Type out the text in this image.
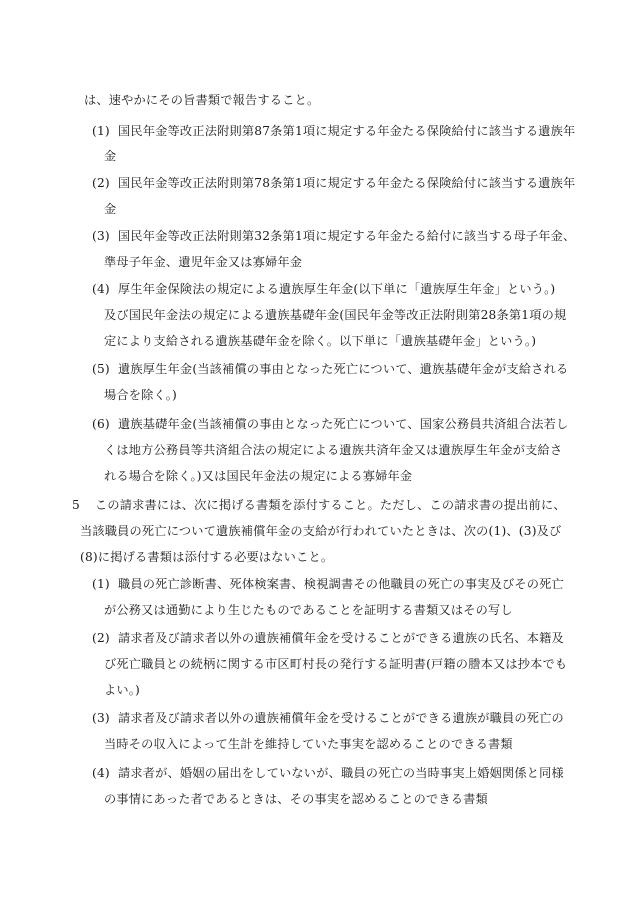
は、速やかにその旨書類で報告すること。
(1) 国民年金等改正法附則第87条第1項に規定する年金たる保険給付に該当する遺族年
金
(2) 国民年金等改正法附則第78条第1項に規定する年金たる保険給付に該当する遺族年
金
(3) 国民年金等改正法附則第32条第1項に規定する年金たる給付に該当する母子年金、
準母子年金、遺児年金又は寡婦年金
(4) 厚生年金保険法の規定による遺族厚生年金(以下単に「遺族厚生年金」という。)
及び国民年金法の規定による遺族基礎年金(国民年金等改正法附則第28条第1項の規
定により支給される遺族基礎年金を除く。以下単に「遺族基礎年金」という。)
(5) 遺族厚生年金(当該補償の事由となった死亡について、遺族基礎年金が支給される
場合を除く。)
(6) 遺族基礎年金(当該補償の事由となった死亡について、国家公務員共済組合法若し
くは地方公務員等共済組合法の規定による遺族共済年金又は遺族厚生年金が支給さ
れる場合を除く。)又は国民年金法の規定による寡婦年金
5 この請求書には、次に掲げる書類を添付すること。ただし、この請求書の提出前に、
当該職員の死亡について遺族補償年金の支給が行われていたときは、次の(1)、(3)及び
(8)に掲げる書類は添付する必要はないこと。
(1) 職員の死亡診断書、死体検案書、検視調書その他職員の死亡の事実及びその死亡
が公務又は通勤により生じたものであることを証明する書類又はその写し
(2) 請求者及び請求者以外の遺族補償年金を受けることができる遺族の氏名、本籍及
び死亡職員との続柄に関する市区町村長の発行する証明書(戸籍の謄本又は抄本でも
よい。)
(3) 請求者及び請求者以外の遺族補償年金を受けることができる遺族が職員の死亡の
当時その収入によって生計を維持していた事実を認めることのできる書類
(4) 請求者が、婚姻の届出をしていないが、職員の死亡の当時事実上婚姻関係と同様
の事情にあった者であるときは、その事実を認めることのできる書類
